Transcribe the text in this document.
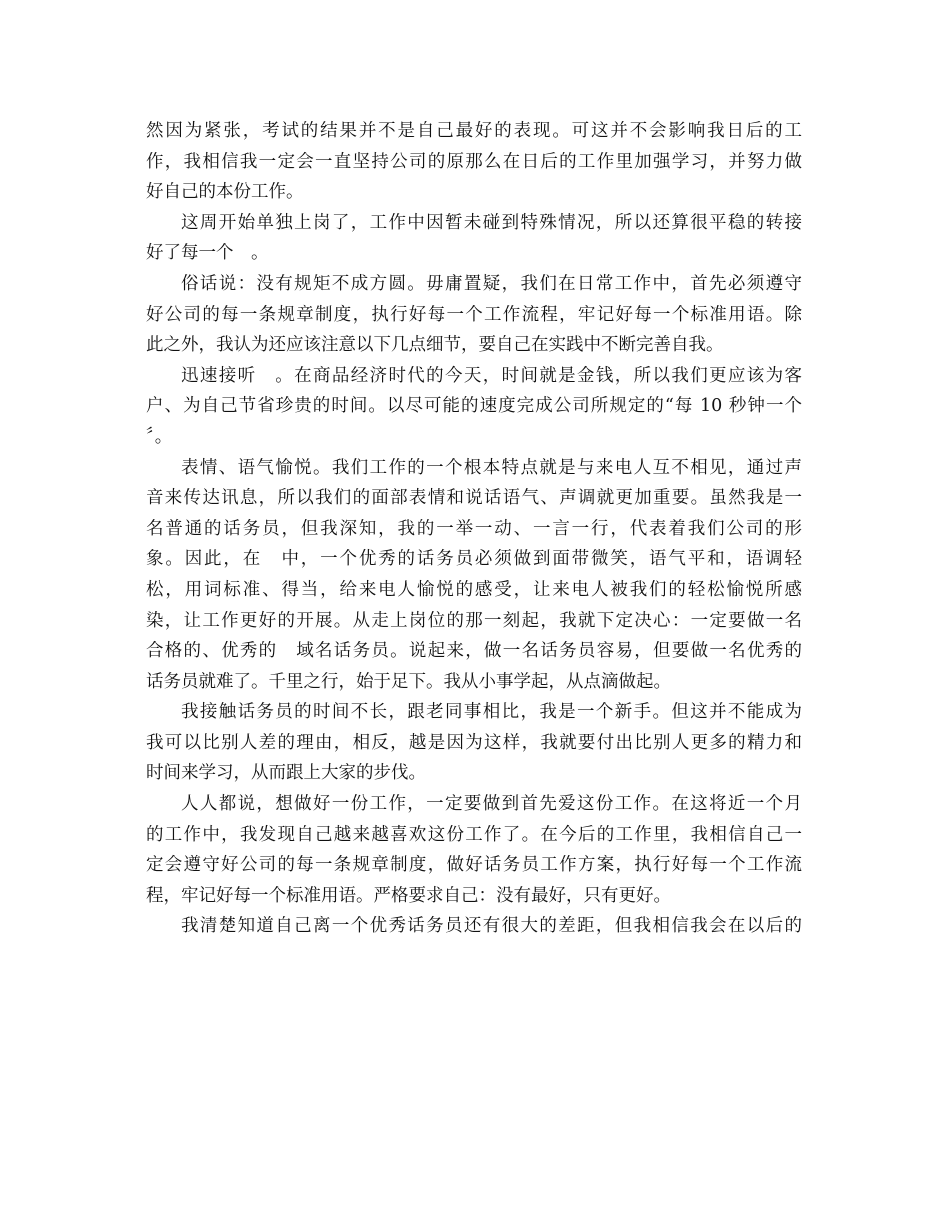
然因为紧张，考试的结果并不是自己最好的表现。可这并不会影响我日后的工
作，我相信我一定会一直坚持公司的原那么在日后的工作里加强学习，并努力做
好自己的本份工作。
这周开始单独上岗了，工作中因暂未碰到特殊情况，所以还算很平稳的转接
好了每一个　。
俗话说：没有规矩不成方圆。毋庸置疑，我们在日常工作中，首先必须遵守
好公司的每一条规章制度，执行好每一个工作流程，牢记好每一个标准用语。除
此之外，我认为还应该注意以下几点细节，要自己在实践中不断完善自我。
迅速接听　。在商品经济时代的今天，时间就是金钱，所以我们更应该为客
户、为自己节省珍贵的时间。以尽可能的速度完成公司所规定的“每 10 秒钟一个
〞。
表情、语气愉悦。我们工作的一个根本特点就是与来电人互不相见，通过声
音来传达讯息，所以我们的面部表情和说话语气、声调就更加重要。虽然我是一
名普通的话务员，但我深知，我的一举一动、一言一行，代表着我们公司的形
象。因此，在　中，一个优秀的话务员必须做到面带微笑，语气平和，语调轻
松，用词标准、得当，给来电人愉悦的感受，让来电人被我们的轻松愉悦所感
染，让工作更好的开展。从走上岗位的那一刻起，我就下定决心：一定要做一名
合格的、优秀的　域名话务员。说起来，做一名话务员容易，但要做一名优秀的
话务员就难了。千里之行，始于足下。我从小事学起，从点滴做起。
我接触话务员的时间不长，跟老同事相比，我是一个新手。但这并不能成为
我可以比别人差的理由，相反，越是因为这样，我就要付出比别人更多的精力和
时间来学习，从而跟上大家的步伐。
人人都说，想做好一份工作，一定要做到首先爱这份工作。在这将近一个月
的工作中，我发现自己越来越喜欢这份工作了。在今后的工作里，我相信自己一
定会遵守好公司的每一条规章制度，做好话务员工作方案，执行好每一个工作流
程，牢记好每一个标准用语。严格要求自己：没有最好，只有更好。
我清楚知道自己离一个优秀话务员还有很大的差距，但我相信我会在以后的
